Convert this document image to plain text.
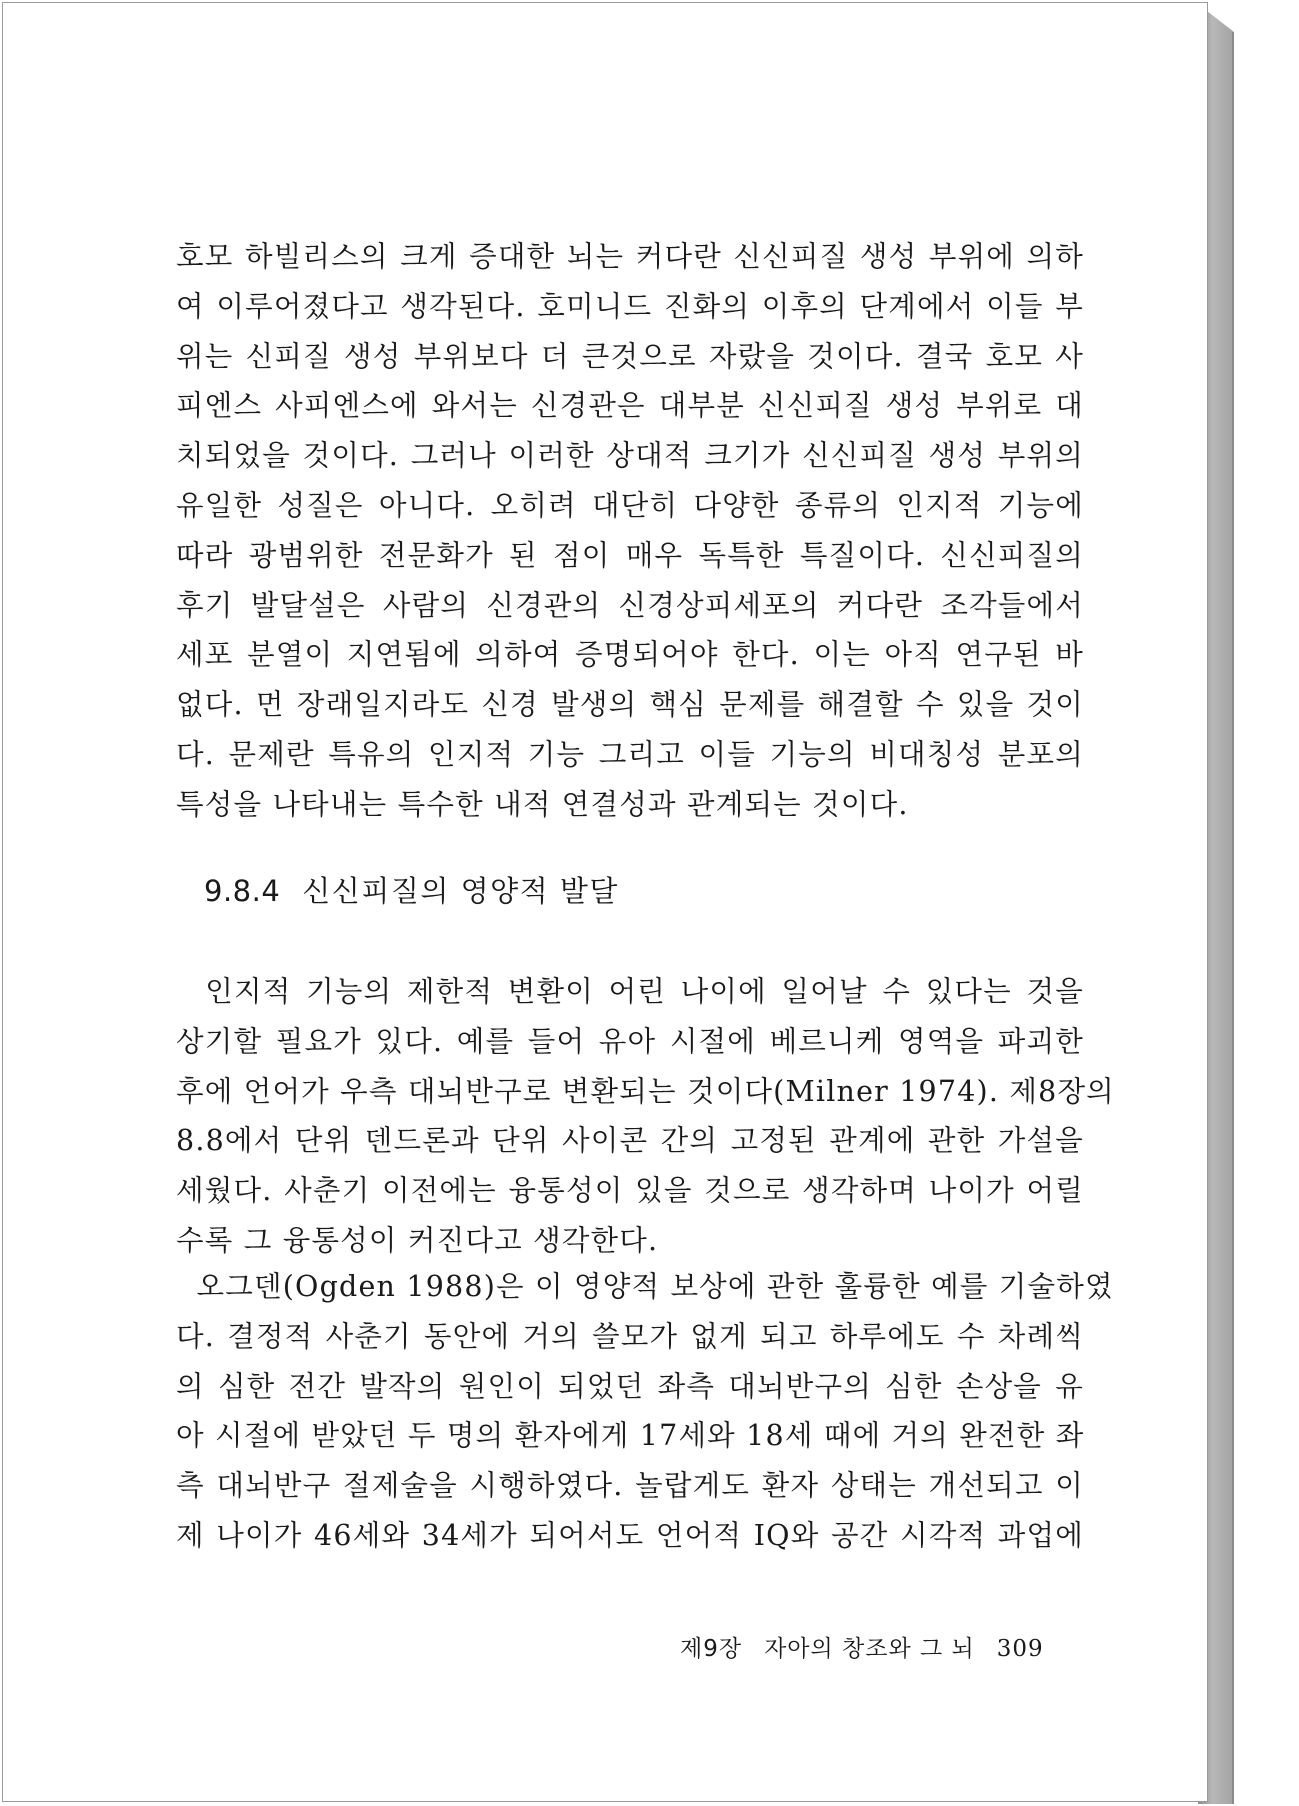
호모 하빌리스의 크게 증대한 뇌는 커다란 신신피질 생성 부위에 의하
여 이루어졌다고 생각된다. 호미니드 진화의 이후의 단계에서 이들 부
위는 신피질 생성 부위보다 더 큰것으로 자랐을 것이다. 결국 호모 사
피엔스 사피엔스에 와서는 신경관은 대부분 신신피질 생성 부위로 대
치되었을 것이다. 그러나 이러한 상대적 크기가 신신피질 생성 부위의
유일한 성질은 아니다. 오히려 대단히 다양한 종류의 인지적 기능에
따라 광범위한 전문화가 된 점이 매우 독특한 특질이다. 신신피질의
후기 발달설은 사람의 신경관의 신경상피세포의 커다란 조각들에서
세포 분열이 지연됨에 의하여 증명되어야 한다. 이는 아직 연구된 바
없다. 먼 장래일지라도 신경 발생의 핵심 문제를 해결할 수 있을 것이
다. 문제란 특유의 인지적 기능 그리고 이들 기능의 비대칭성 분포의
특성을 나타내는 특수한 내적 연결성과 관계되는 것이다.
9.8.4 신신피질의 영양적 발달
인지적 기능의 제한적 변환이 어린 나이에 일어날 수 있다는 것을
상기할 필요가 있다. 예를 들어 유아 시절에 베르니케 영역을 파괴한
후에 언어가 우측 대뇌반구로 변환되는 것이다(Milner 1974). 제8장의
8.8에서 단위 덴드론과 단위 사이콘 간의 고정된 관계에 관한 가설을
세웠다. 사춘기 이전에는 융통성이 있을 것으로 생각하며 나이가 어릴
수록 그 융통성이 커진다고 생각한다.
오그덴(Ogden 1988)은 이 영양적 보상에 관한 훌륭한 예를 기술하였
다. 결정적 사춘기 동안에 거의 쓸모가 없게 되고 하루에도 수 차례씩
의 심한 전간 발작의 원인이 되었던 좌측 대뇌반구의 심한 손상을 유
아 시절에 받았던 두 명의 환자에게 17세와 18세 때에 거의 완전한 좌
측 대뇌반구 절제술을 시행하였다. 놀랍게도 환자 상태는 개선되고 이
제 나이가 46세와 34세가 되어서도 언어적 IQ와 공간 시각적 과업에
제9장 자아의 창조와 그 뇌 309
